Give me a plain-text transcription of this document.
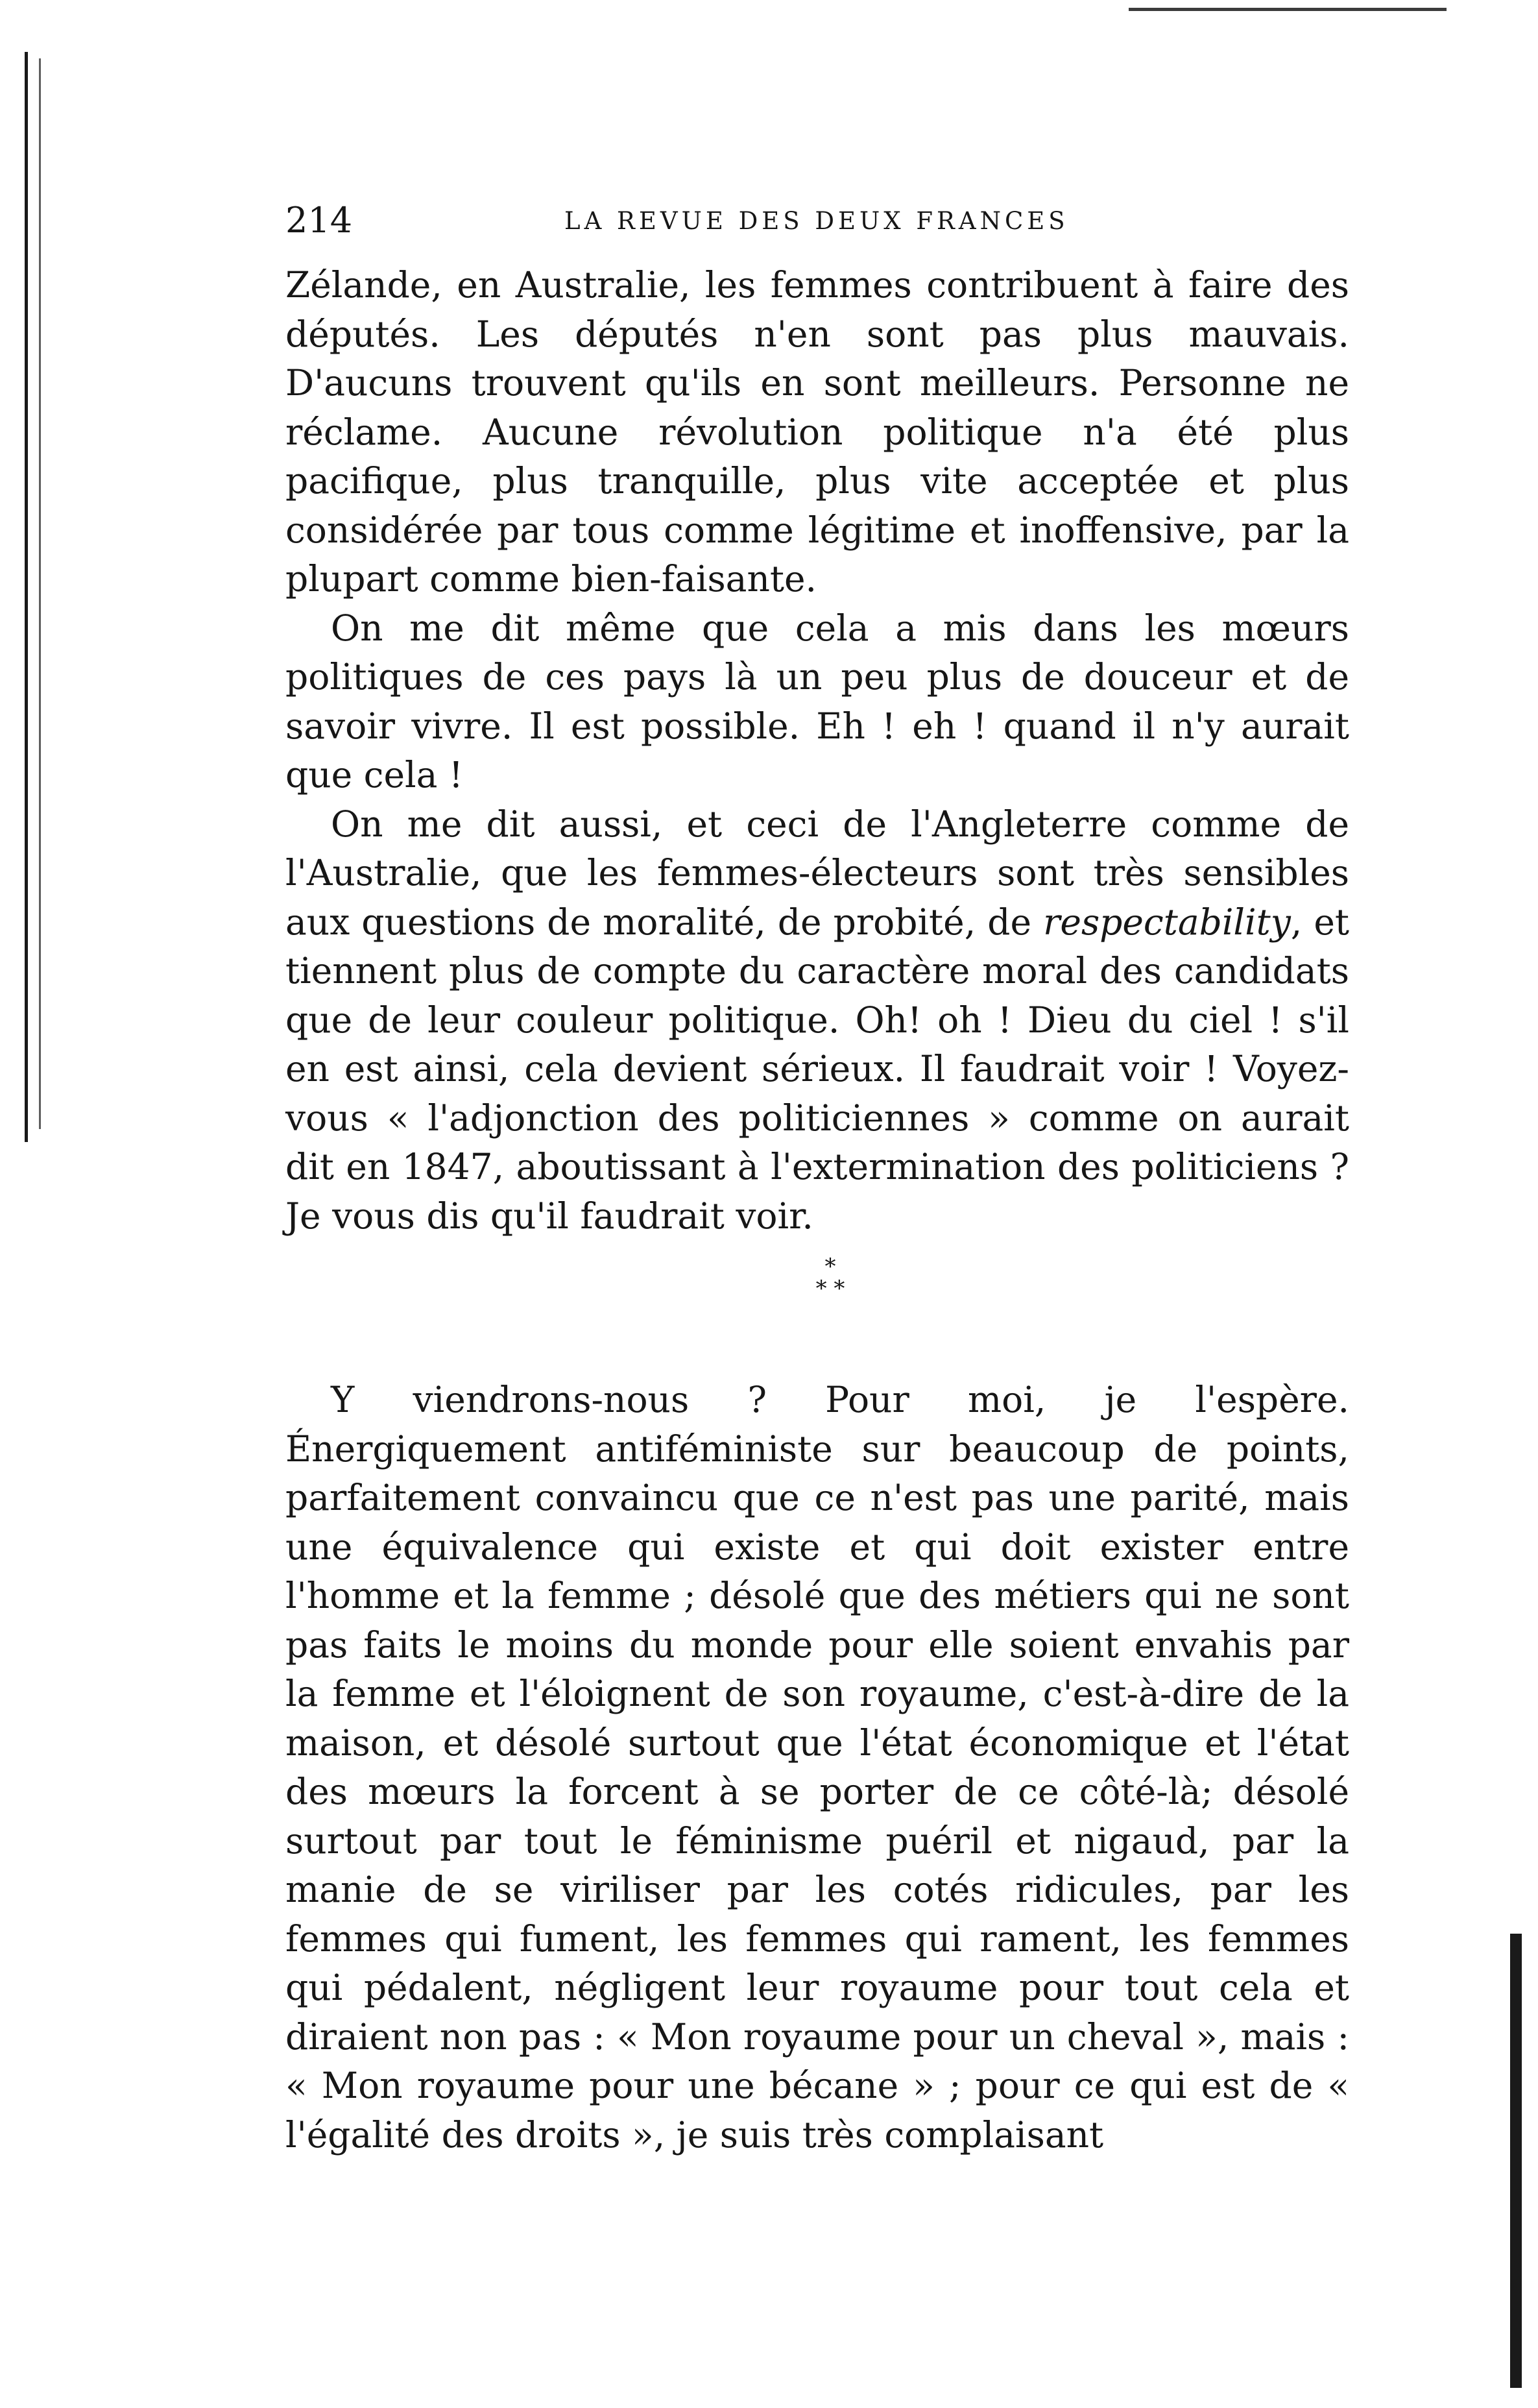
214	LA REVUE DES DEUX FRANCES

Zélande, en Australie, les femmes contribuent à faire des députés. Les députés n'en sont pas plus mauvais. D'aucuns trouvent qu'ils en sont meilleurs. Personne ne réclame. Aucune révolution politique n'a été plus pacifique, plus tranquille, plus vite acceptée et plus considérée par tous comme légitime et inoffensive, par la plupart comme bien-faisante.

On me dit même que cela a mis dans les mœurs politiques de ces pays là un peu plus de douceur et de savoir vivre. Il est possible. Eh ! eh ! quand il n'y aurait que cela !

On me dit aussi, et ceci de l'Angleterre comme de l'Australie, que les femmes-électeurs sont très sensibles aux questions de moralité, de probité, de respectability, et tiennent plus de compte du caractère moral des candidats que de leur couleur politique. Oh! oh ! Dieu du ciel ! s'il en est ainsi, cela devient sérieux. Il faudrait voir ! Voyez-vous « l'adjonction des politiciennes » comme on aurait dit en 1847, aboutissant à l'extermination des politiciens ? Je vous dis qu'il faudrait voir.

*
* *

Y viendrons-nous ? Pour moi, je l'espère. Énergiquement antiféministe sur beaucoup de points, parfaitement convaincu que ce n'est pas une parité, mais une équivalence qui existe et qui doit exister entre l'homme et la femme ; désolé que des métiers qui ne sont pas faits le moins du monde pour elle soient envahis par la femme et l'éloignent de son royaume, c'est-à-dire de la maison, et désolé surtout que l'état économique et l'état des mœurs la forcent à se porter de ce côté-là; désolé surtout par tout le féminisme puéril et nigaud, par la manie de se viriliser par les cotés ridicules, par les femmes qui fument, les femmes qui rament, les femmes qui pédalent, négligent leur royaume pour tout cela et diraient non pas : « Mon royaume pour un cheval », mais : « Mon royaume pour une bécane » ; pour ce qui est de « l'égalité des droits », je suis très complaisant
